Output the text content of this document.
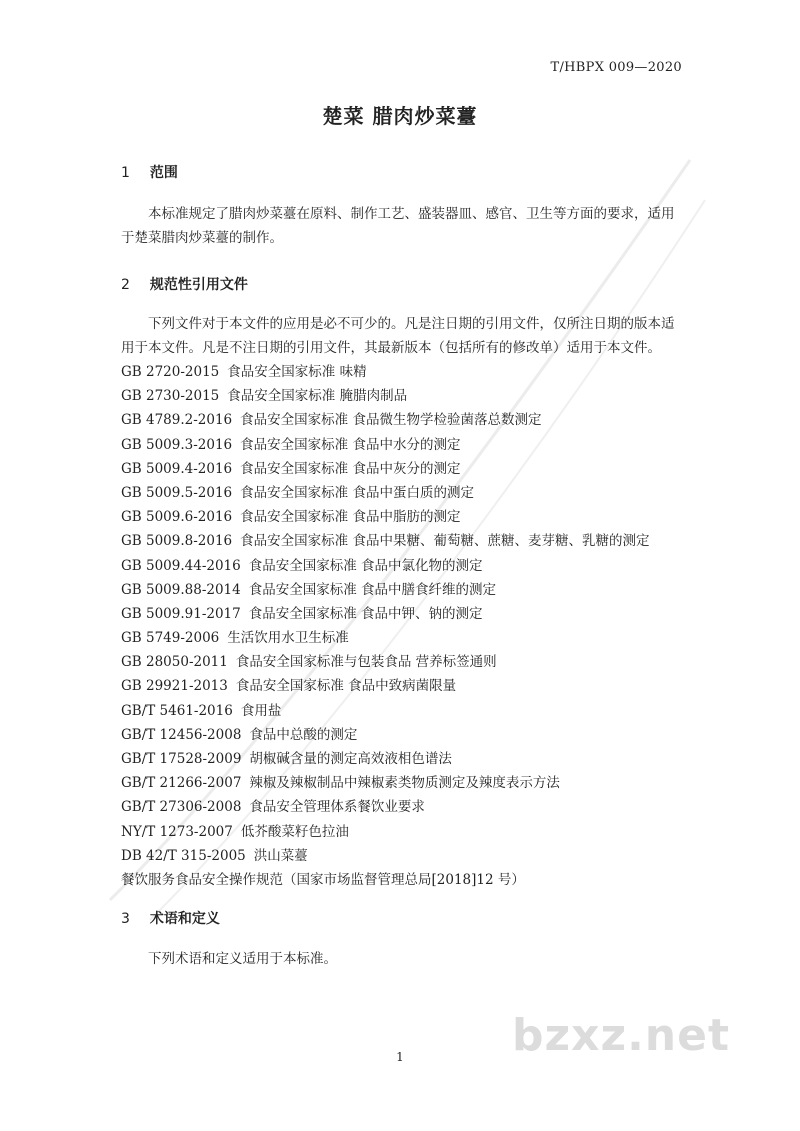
T/HBPX 009—2020
楚菜 腊肉炒菜薹
1 范围
本标准规定了腊肉炒菜薹在原料、制作工艺、盛装器皿、感官、卫生等方面的要求，适用于楚菜腊肉炒菜薹的制作。
2 规范性引用文件
下列文件对于本文件的应用是必不可少的。凡是注日期的引用文件，仅所注日期的版本适用于本文件。凡是不注日期的引用文件，其最新版本（包括所有的修改单）适用于本文件。
GB 2720-2015 食品安全国家标准 味精
GB 2730-2015 食品安全国家标准 腌腊肉制品
GB 4789.2-2016 食品安全国家标准 食品微生物学检验菌落总数测定
GB 5009.3-2016 食品安全国家标准 食品中水分的测定
GB 5009.4-2016 食品安全国家标准 食品中灰分的测定
GB 5009.5-2016 食品安全国家标准 食品中蛋白质的测定
GB 5009.6-2016 食品安全国家标准 食品中脂肪的测定
GB 5009.8-2016 食品安全国家标准 食品中果糖、葡萄糖、蔗糖、麦芽糖、乳糖的测定
GB 5009.44-2016 食品安全国家标准 食品中氯化物的测定
GB 5009.88-2014 食品安全国家标准 食品中膳食纤维的测定
GB 5009.91-2017 食品安全国家标准 食品中钾、钠的测定
GB 5749-2006 生活饮用水卫生标准
GB 28050-2011 食品安全国家标准与包装食品 营养标签通则
GB 29921-2013 食品安全国家标准 食品中致病菌限量
GB/T 5461-2016 食用盐
GB/T 12456-2008 食品中总酸的测定
GB/T 17528-2009 胡椒碱含量的测定高效液相色谱法
GB/T 21266-2007 辣椒及辣椒制品中辣椒素类物质测定及辣度表示方法
GB/T 27306-2008 食品安全管理体系餐饮业要求
NY/T 1273-2007 低芥酸菜籽色拉油
DB 42/T 315-2005 洪山菜薹
餐饮服务食品安全操作规范（国家市场监督管理总局[2018]12 号）
3 术语和定义
下列术语和定义适用于本标准。
bzxz.net
1
